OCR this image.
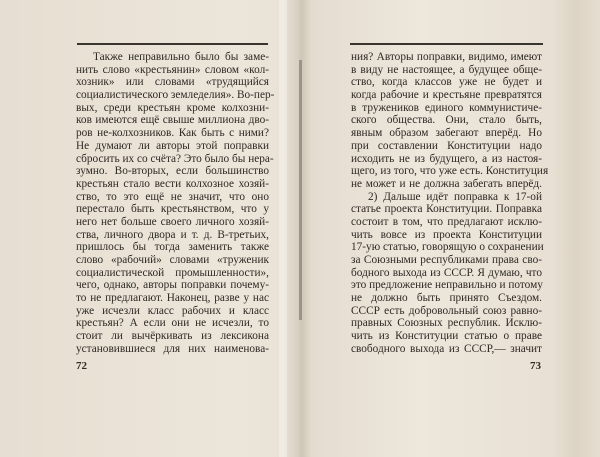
Также неправильно было бы заме-
нить слово «крестьянин» словом «кол-
хозник» или словами «трудящийся
социалистического земледелия». Во-пер-
вых, среди крестьян кроме колхозни-
ков имеются ещё свыше миллиона дво-
ров не-колхозников. Как быть с ними?
Не думают ли авторы этой поправки
сбросить их со счёта? Это было бы нера-
зумно. Во-вторых, если большинство
крестьян стало вести колхозное хозяй-
ство, то это ещё не значит, что оно
перестало быть крестьянством, что у
него нет больше своего личного хозяй-
ства, личного двора и т. д. В-третьих,
пришлось бы тогда заменить также
слово «рабочий» словами «труженик
социалистической промышленности»,
чего, однако, авторы поправки почему-
то не предлагают. Наконец, разве у нас
уже исчезли класс рабочих и класс
крестьян? А если они не исчезли, то
стоит ли вычёркивать из лексикона
установившиеся для них наименова-
72
ния? Авторы поправки, видимо, имеют
в виду не настоящее, а будущее обще-
ство, когда классов уже не будет и
когда рабочие и крестьяне превратятся
в тружеников единого коммунистиче-
ского общества. Они, стало быть,
явным образом забегают вперёд. Но
при составлении Конституции надо
исходить не из будущего, а из настоя-
щего, из того, что уже есть. Конституция
не может и не должна забегать вперёд.
2) Дальше идёт поправка к 17-ой
статье проекта Конституции. Поправка
состоит в том, что предлагают исклю-
чить вовсе из проекта Конституции
17-ую статью, говорящую о сохранении
за Союзными республиками права сво-
бодного выхода из СССР. Я думаю, что
это предложение неправильно и потому
не должно быть принято Съездом.
СССР есть добровольный союз равно-
правных Союзных республик. Исклю-
чить из Конституции статью о праве
свободного выхода из СССР,— значит
73
